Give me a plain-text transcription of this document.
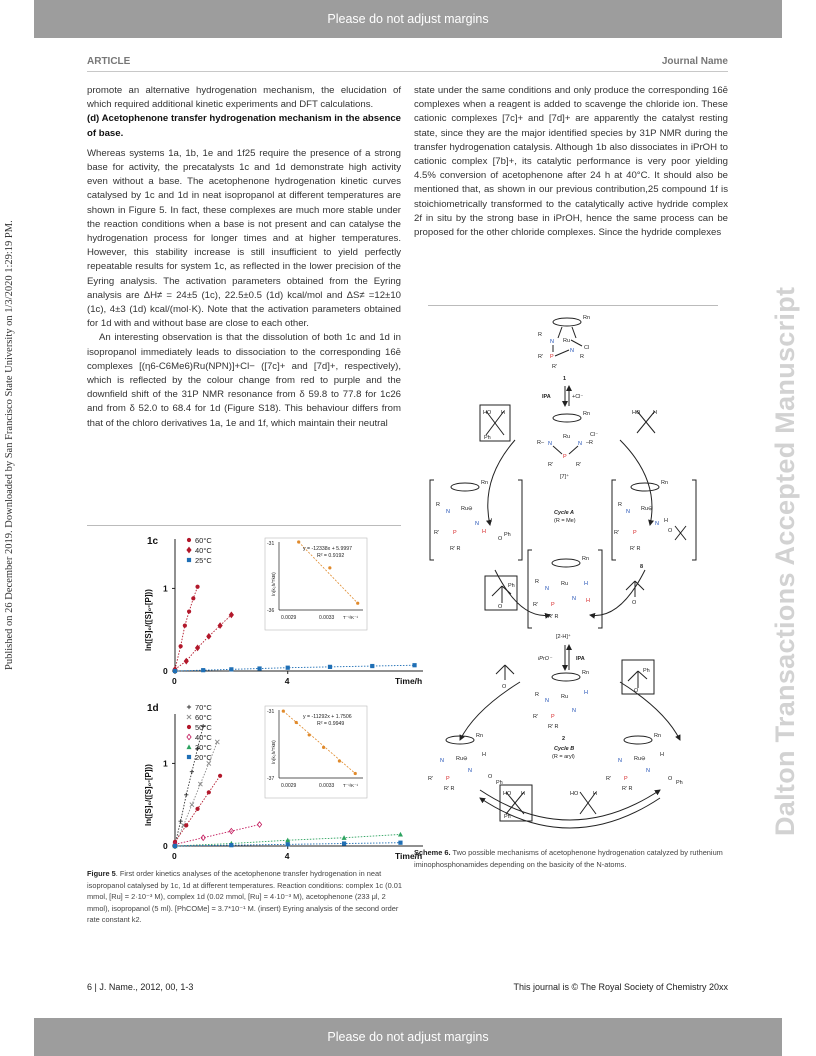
Please do not adjust margins
ARTICLE	Journal Name
Published on 26 December 2019. Downloaded by San Francisco State University on 1/3/2020 1:29:19 PM.	Dalton Transactions Accepted Manuscript

promote an alternative hydrogenation mechanism, the elucidation of which required additional kinetic experiments and DFT calculations.

(d) Acetophenone transfer hydrogenation mechanism in the absence of base.

Whereas systems 1a, 1b, 1e and 1f25 require the presence of a strong base for activity, the precatalysts 1c and 1d demonstrate high activity even without a base. The acetophenone hydrogenation kinetic curves catalysed by 1c and 1d in neat isopropanol at different temperatures are shown in Figure 5. In fact, these complexes are much more stable under the reaction conditions when a base is not present and can catalyse the hydrogenation process for longer times and at higher temperatures. However, this stability increase is still insufficient to yield perfectly repeatable results for system 1c, as reflected in the lower precision of the Eyring analysis. The activation parameters obtained from the Eyring analysis are ΔH≠ = 24±5 (1c), 22.5±0.5 (1d) kcal/mol and ΔS≠ =12±10 (1c), 4±3 (1d) kcal/(mol·K). Note that the activation parameters obtained for 1d with and without base are close to each other.

An interesting observation is that the dissolution of both 1c and 1d in isopropanol immediately leads to dissociation to the corresponding 16ē complexes [(η6-C6Me6)Ru(NPN)]+Cl− ([7c]+ and [7d]+, respectively), which is reflected by the colour change from red to purple and the downfield shift of the 31P NMR resonance from δ 59.8 to 77.8 for 1c26 and from δ 52.0 to 68.4 for 1d (Figure S18). This behaviour differs from that of the chloro derivatives 1a, 1e and 1f, which maintain their neutral

state under the same conditions and only produce the corresponding 16ē complexes when a reagent is added to scavenge the chloride ion. These cationic complexes [7c]+ and [7d]+ are apparently the catalyst resting state, since they are the major identified species by 31P NMR during the transfer hydrogenation catalysis. Although 1b also dissociates in iPrOH to cationic complex [7b]+, its catalytic performance is very poor yielding 4.5% conversion of acetophenone after 24 h at 40°C. It should also be mentioned that, as shown in our previous contribution,25 compound 1f is stoichiometrically transformed to the catalytically active hydride complex 2f in situ by the strong base in iPrOH, hence the same process can be proposed for the other chloride complexes. Since the hydride complexes

1c
0	4
0
1
Time/h
ln([S]₀/([S]₀-[P]))
60°C
40°C
25°C
y = -12338x + 5.9997
R² = 0.9192
-31
-36
0.0029	0.0033 T⁻¹/K⁻¹
ln(k₂h/TkB)
1d
0	4
0
1
Time/h
ln([S]₀/([S]₀-[P]))
70°C
60°C
50°C
40°C
30°C
20°C
y = -11292x + 1.7506
R² = 0.9949
-31
-37
0.0029	0.0033 T⁻¹/K⁻¹
ln(k₂h/TkB)
Figure 5. First order kinetics analyses of the acetophenone transfer hydrogenation in neat isopropanol catalysed by 1c, 1d at different temperatures. Reaction conditions: complex 1c (0.01 mmol, [Ru] = 2·10⁻³ M), complex 1d (0.02 mmol, [Ru] = 4·10⁻³ M), acetophenone (233 μl, 2 mmol), isopropanol (5 ml). [PhCOMe] = 3.7*10⁻¹ M. (insert) Eyring analysis of the second order rate constant k2.
Rn
Ru
Cl
N
N
P
R
R'	R
R'
1
IPA	+Cl⁻
Rn
Ru	Cl⁻
N	N
P
R–	–R
R'	R'
[7]⁺
HO H
Ph
HO H
Cycle A
(R = Me)
Rn
Ru⊖
N
N
P	H
H
O
Ph
R
R'
R' R
Rn
Ru⊖
N
N
P
H
O
R
R'
R' R
8
Rn
Ru	H
N
N
P
H
R
R'
R' R
[2-H]⁺
O
Ph
O
iPrO⁻	IPA
Rn
Ru
H
N
N
P
R
R'
R' R
2
O
O
Ph
Cycle B
(R = aryl)
Rn
Ru⊖
N
N
P
H
R'
R' R
O
Ph
Rn
Ru⊖
N
N
P
H
R'
R' R
O
Ph
HO H
Ph
HO	H
Scheme 6. Two possible mechanisms of acetophenone hydrogenation catalyzed by ruthenium iminophosphonamides depending on the basicity of the N-atoms.
6 | J. Name., 2012, 00, 1-3	This journal is © The Royal Society of Chemistry 20xx
Please do not adjust margins
